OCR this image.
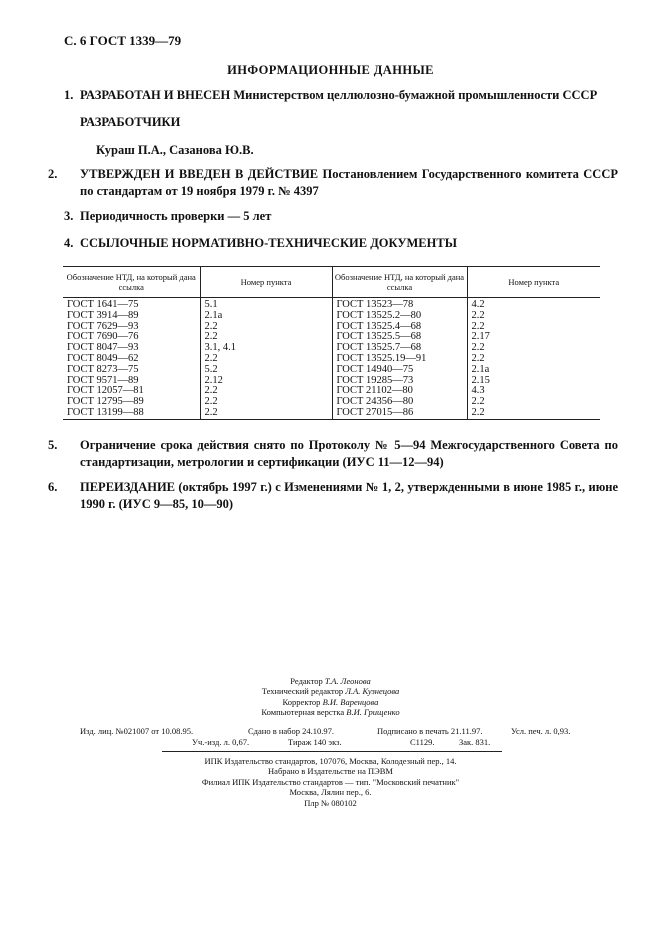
С. 6 ГОСТ 1339—79
ИНФОРМАЦИОННЫЕ ДАННЫЕ
1. РАЗРАБОТАН И ВНЕСЕН Министерством целлюлозно-бумажной промышленности СССР
РАЗРАБОТЧИКИ
Кураш П.А., Сазанова Ю.В.
2. УТВЕРЖДЕН И ВВЕДЕН В ДЕЙСТВИЕ Постановлением Государственного комитета СССР по стандартам от 19 ноября 1979 г. № 4397
3. Периодичность проверки — 5 лет
4. ССЫЛОЧНЫЕ НОРМАТИВНО-ТЕХНИЧЕСКИЕ ДОКУМЕНТЫ
Обозначение НТД, на который дана ссылка	Номер пункта	Обозначение НТД, на который дана ссылка	Номер пункта
ГОСТ 1641—75	5.1	ГОСТ 13523—78	4.2
ГОСТ 3914—89	2.1а	ГОСТ 13525.2—80	2.2
ГОСТ 7629—93	2.2	ГОСТ 13525.4—68	2.2
ГОСТ 7690—76	2.2	ГОСТ 13525.5—68	2.17
ГОСТ 8047—93	3.1, 4.1	ГОСТ 13525.7—68	2.2
ГОСТ 8049—62	2.2	ГОСТ 13525.19—91	2.2
ГОСТ 8273—75	5.2	ГОСТ 14940—75	2.1а
ГОСТ 9571—89	2.12	ГОСТ 19285—73	2.15
ГОСТ 12057—81	2.2	ГОСТ 21102—80	4.3
ГОСТ 12795—89	2.2	ГОСТ 24356—80	2.2
ГОСТ 13199—88	2.2	ГОСТ 27015—86	2.2
5. Ограничение срока действия снято по Протоколу № 5—94 Межгосударственного Совета по стандартизации, метрологии и сертификации (ИУС 11—12—94)
6. ПЕРЕИЗДАНИЕ (октябрь 1997 г.) с Изменениями № 1, 2, утвержденными в июне 1985 г., июне 1990 г. (ИУС 9—85, 10—90)
Редактор Т.А. Леонова
Технический редактор Л.А. Кузнецова
Корректор В.И. Варенцова
Компьютерная верстка В.И. Грищенко
Изд. лиц. №021007 от 10.08.95.	Сдано в набор 24.10.97.	Подписано в печать 21.11.97.	Усл. печ. л. 0,93.
Уч.-изд. л. 0,67.	Тираж 140 экз.	С1129.	Зак. 831.
ИПК Издательство стандартов, 107076, Москва, Колодезный пер., 14.
Набрано в Издательстве на ПЭВМ
Филиал ИПК Издательство стандартов — тип. "Московский печатник"
Москва, Лялин пер., 6.
Плр № 080102
